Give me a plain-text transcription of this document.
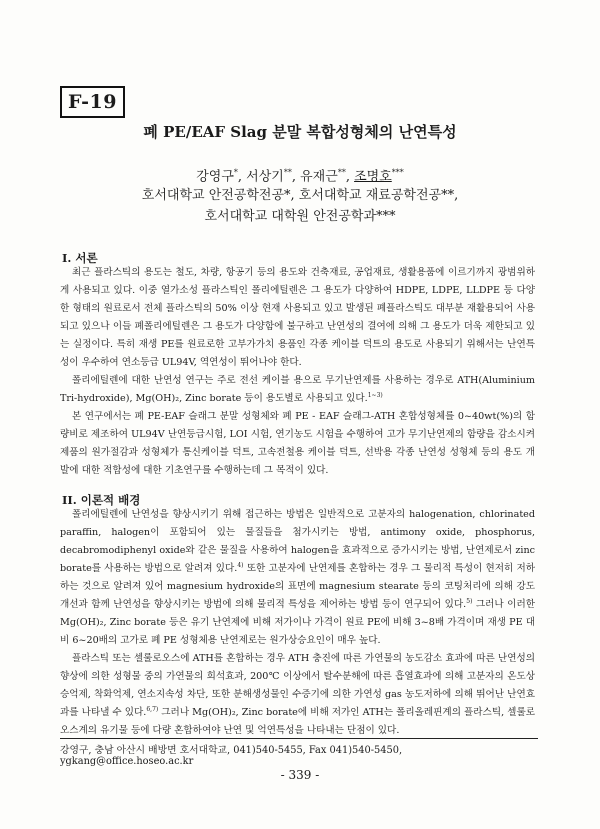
F-19
폐 PE/EAF Slag 분말 복합성형체의 난연특성
강영구*, 서상기**, 유재근**, 조명호***
호서대학교 안전공학전공*, 호서대학교 재료공학전공**,
호서대학교 대학원 안전공학과***
I. 서론

최근 플라스틱의 용도는 철도, 차량, 항공기 등의 용도와 건축재료, 공업재료, 생활용품에 이르기까지 광범위하게 사용되고 있다. 이중 열가소성 플라스틱인 폴리에틸렌은 그 용도가 다양하여 HDPE, LDPE, LLDPE 등 다양한 형태의 원료로서 전체 플라스틱의 50% 이상 현재 사용되고 있고 발생된 폐플라스틱도 대부분 재활용되어 사용되고 있으나 이들 폐폴리에틸렌은 그 용도가 다양함에 불구하고 난연성의 결여에 의해 그 용도가 더욱 제한되고 있는 실정이다. 특히 재생 PE를 원료로한 고부가가치 용품인 각종 케이블 덕트의 용도로 사용되기 위해서는 난연특성이 우수하여 연소등급 UL94V, 역연성이 뛰어나야 한다.

폴리에틸렌에 대한 난연성 연구는 주로 전선 케이블 용으로 무기난연제를 사용하는 경우로 ATH(Aluminium Tri-hydroxide), Mg(OH)₂, Zinc borate 등이 용도별로 사용되고 있다.$^{1\sim 3)}$

본 연구에서는 폐 PE-EAF 슬래그 분말 성형체와 폐 PE - EAF 슬래그-ATH 혼합성형체를 0~40wt(%)의 함량비로 제조하여 UL94V 난연등급시험, LOI 시험, 연기농도 시험을 수행하여 고가 무기난연제의 함량을 감소시켜 제품의 원가절감과 성형체가 통신케이블 덕트, 고속전철용 케이블 덕트, 선박용 각종 난연성 성형체 등의 용도 개발에 대한 적합성에 대한 기초연구를 수행하는데 그 목적이 있다.

II. 이론적 배경

폴리에틸렌에 난연성을 향상시키기 위해 접근하는 방법은 일반적으로 고분자의 halogenation, chlorinated paraffin, halogen이 포함되어 있는 물질들을 첨가시키는 방법, antimony oxide, phosphorus, decabromodiphenyl oxide와 같은 물질을 사용하여 halogen을 효과적으로 증가시키는 방법, 난연제로서 zinc borate를 사용하는 방법으로 알려져 있다.$^{4)}$ 또한 고분자에 난연제를 혼합하는 경우 그 물리적 특성이 현저히 저하하는 것으로 알려져 있어 magnesium hydroxide의 표면에 magnesium stearate 등의 코팅처리에 의해 강도개선과 함께 난연성을 향상시키는 방법에 의해 물리적 특성을 제어하는 방법 등이 연구되어 있다.$^{5)}$ 그러나 이러한 Mg(OH)₂, Zinc borate 등은 유기 난연제에 비해 저가이나 가격이 원료 PE에 비해 3~8배 가격이며 재생 PE 대비 6~20배의 고가로 폐 PE 성형체용 난연제로는 원가상승요인이 매우 높다.

플라스틱 또는 셀룰로오스에 ATH를 혼합하는 경우 ATH 충진에 따른 가연물의 농도감소 효과에 따른 난연성의 향상에 의한 성형물 중의 가연물의 희석효과, 200℃ 이상에서 탈수분해에 따른 흡열효과에 의해 고분자의 온도상승억제, 착화억제, 연소지속성 차단, 또한 분해생성물인 수증기에 의한 가연성 gas 농도저하에 의해 뛰어난 난연효과를 나타낼 수 있다.$^{6,7)}$ 그러나 Mg(OH)₂, Zinc borate에 비해 저가인 ATH는 폴리올레핀계의 플라스틱, 셀룰로오스계의 유기물 등에 다량 혼합하여야 난연 및 억연특성을 나타내는 단점이 있다.

강영구, 충남 아산시 배방면 호서대학교, 041)540-5455, Fax 041)540-5450, ygkang@office.hoseo.ac.kr
- 339 -
